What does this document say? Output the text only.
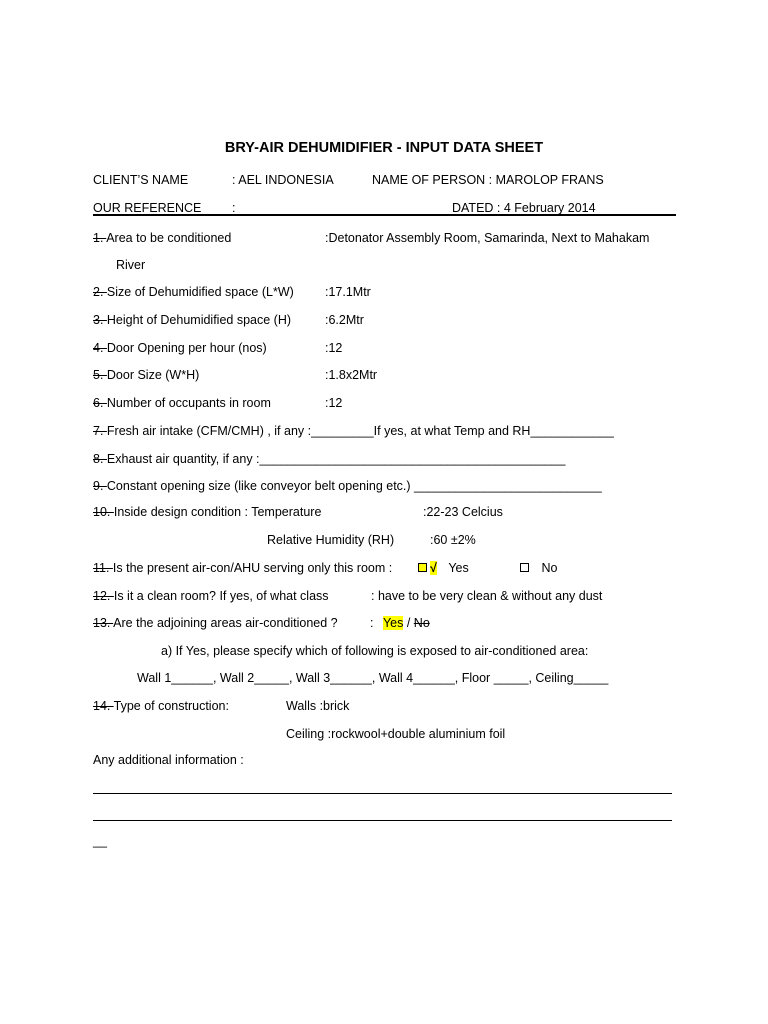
BRY-AIR DEHUMIDIFIER - INPUT DATA SHEET
CLIENT’S NAME	: AEL INDONESIA	NAME OF PERSON : MAROLOP FRANS
OUR REFERENCE :	DATED : 4 February 2014
1. Area to be conditioned	:Detonator Assembly Room, Samarinda, Next to Mahakam
River
2. Size of Dehumidified space (L*W) :17.1Mtr
3. Height of Dehumidified space (H)	:6.2Mtr
4. Door Opening per hour (nos)	:12
5. Door Size (W*H)	:1.8x2Mtr
6. Number of occupants in room	:12
7. Fresh air intake (CFM/CMH) , if any :_________If yes, at what Temp and RH____________
8. Exhaust air quantity, if any :____________________________________________
9. Constant opening size (like conveyor belt opening etc.) ___________________________
10. Inside design condition : Temperature	:22-23 Celcius
Relative Humidity (RH)	:60 ±2%
11. Is the present air-con/AHU serving only this room :	√ Yes	No
12. Is it a clean room? If yes, of what class	: have to be very clean & without any dust
13. Are the adjoining areas air-conditioned ?	: Yes / No
a) If Yes, please specify which of following is exposed to air-conditioned area:
Wall 1______, Wall 2_____, Wall 3______, Wall 4______, Floor _____, Ceiling_____
14. Type of construction:	Walls :brick
Ceiling :rockwool+double aluminium foil
Any additional information :
__
